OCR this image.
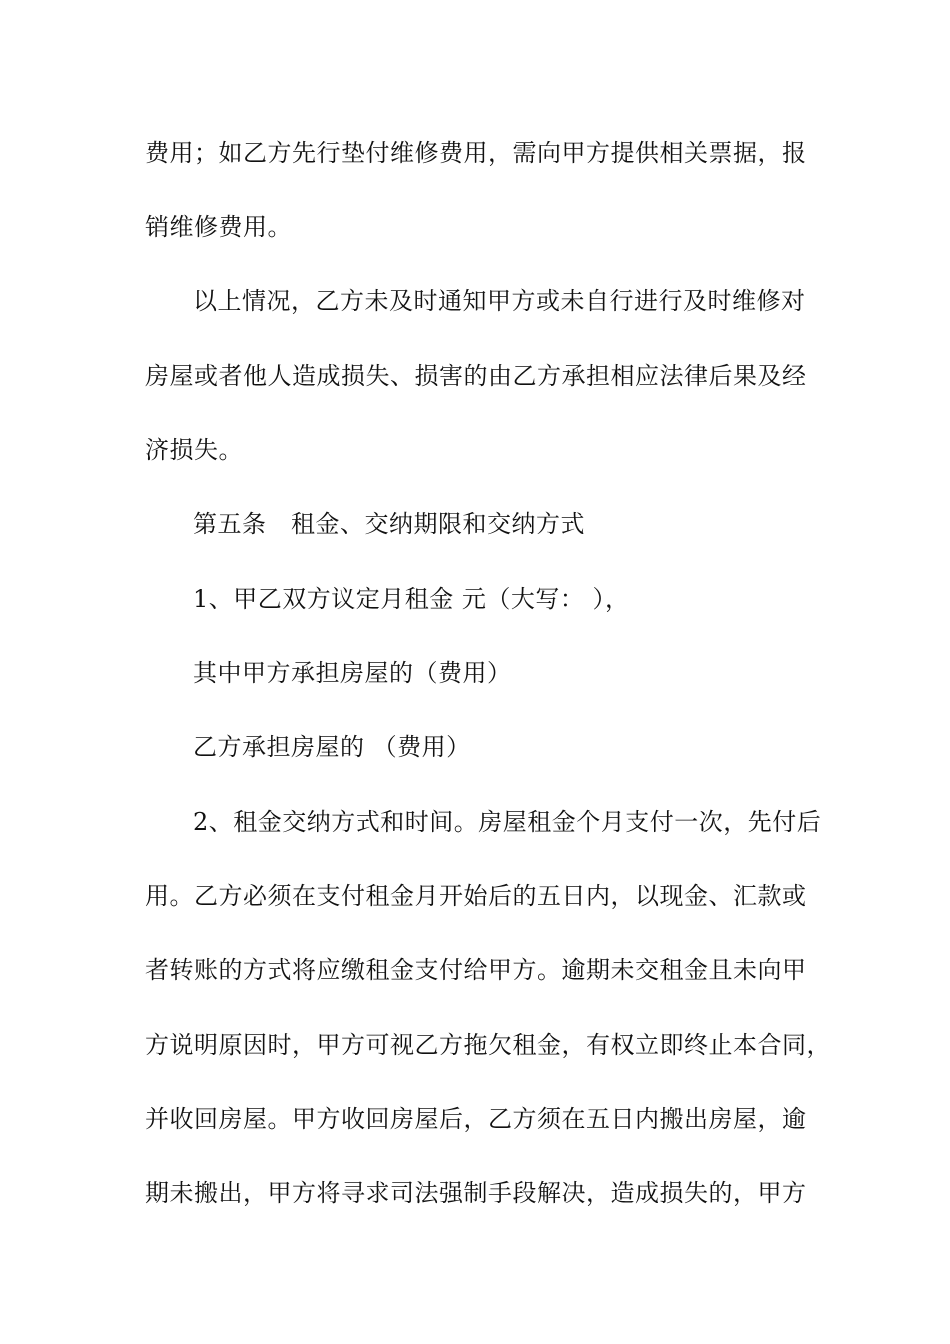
费用；如乙方先行垫付维修费用，需向甲方提供相关票据，报
销维修费用。
以上情况，乙方未及时通知甲方或未自行进行及时维修对
房屋或者他人造成损失、损害的由乙方承担相应法律后果及经
济损失。
第五条　租金、交纳期限和交纳方式
1、甲乙双方议定月租金 元（大写： ），
其中甲方承担房屋的（费用）
乙方承担房屋的 （费用）
2、租金交纳方式和时间。房屋租金个月支付一次，先付后
用。乙方必须在支付租金月开始后的五日内，以现金、汇款或
者转账的方式将应缴租金支付给甲方。逾期未交租金且未向甲
方说明原因时，甲方可视乙方拖欠租金，有权立即终止本合同，
并收回房屋。甲方收回房屋后，乙方须在五日内搬出房屋，逾
期未搬出，甲方将寻求司法强制手段解决，造成损失的，甲方
